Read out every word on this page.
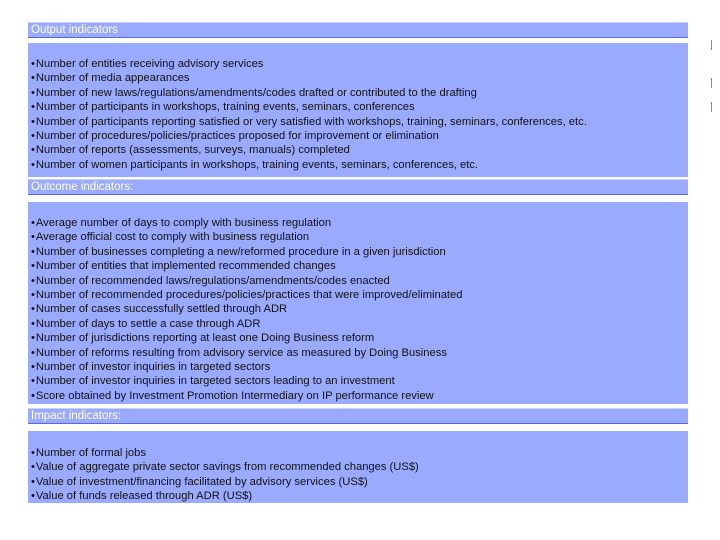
Output indicators
• Number of entities receiving advisory services
• Number of media appearances
• Number of new laws/regulations/amendments/codes drafted or contributed to the drafting
• Number of participants in workshops, training events, seminars, conferences
• Number of participants reporting satisfied or very satisfied with workshops, training, seminars, conferences, etc.
• Number of procedures/policies/practices proposed for improvement or elimination
• Number of reports (assessments, surveys, manuals) completed
• Number of women participants in workshops, training events, seminars, conferences, etc.
Outcome indicators:
• Average number of days to comply with business regulation
• Average official cost to comply with business regulation
• Number of businesses completing a new/reformed procedure in a given jurisdiction
• Number of entities that implemented recommended changes
• Number of recommended laws/regulations/amendments/codes enacted
• Number of recommended procedures/policies/practices that were improved/eliminated
• Number of cases successfully settled through ADR
• Number of days to settle a case through ADR
• Number of jurisdictions reporting at least one Doing Business reform
• Number of reforms resulting from advisory service as measured by Doing Business
• Number of investor inquiries in targeted sectors
• Number of investor inquiries in targeted sectors leading to an investment
• Score obtained by Investment Promotion Intermediary on IP performance review
Impact indicators:
• Number of formal jobs
• Value of aggregate private sector savings from recommended changes (US$)
• Value of investment/financing facilitated by advisory services (US$)
• Value of funds released through ADR (US$)
